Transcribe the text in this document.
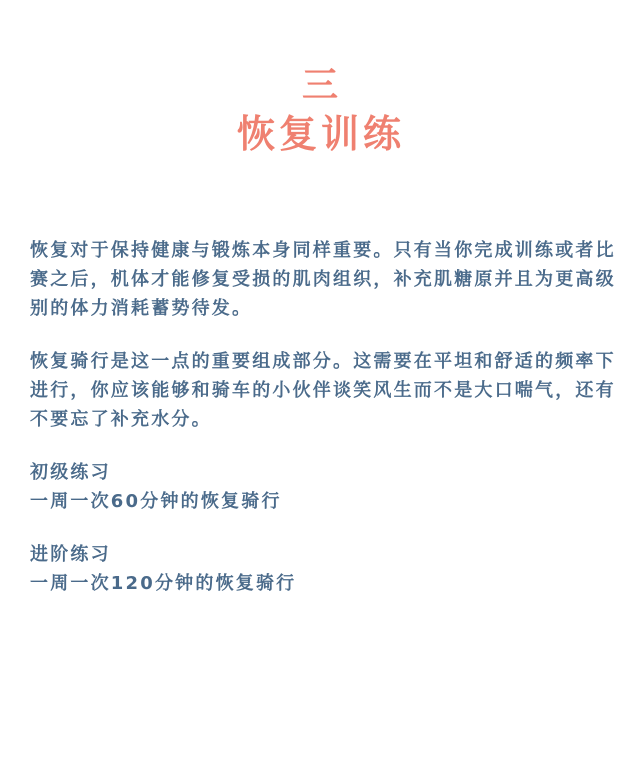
三
恢复训练

恢复对于保持健康与锻炼本身同样重要。只有当你完成训练或者比赛之后，机体才能修复受损的肌肉组织，补充肌糖原并且为更高级别的体力消耗蓄势待发。

恢复骑行是这一点的重要组成部分。这需要在平坦和舒适的频率下进行，你应该能够和骑车的小伙伴谈笑风生而不是大口喘气，还有不要忘了补充水分。

初级练习
一周一次60分钟的恢复骑行
进阶练习
一周一次120分钟的恢复骑行
